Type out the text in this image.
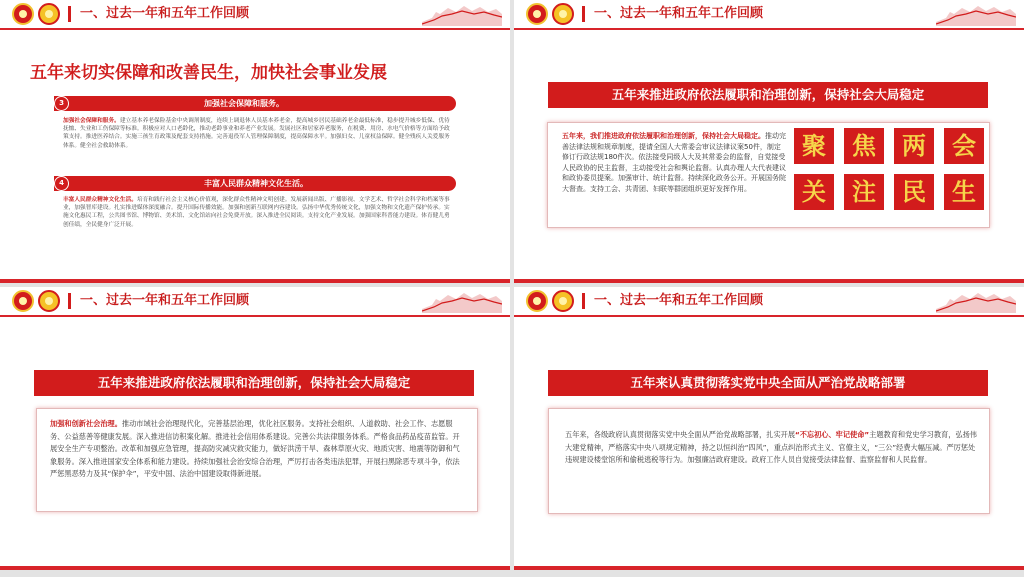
一、过去一年和五年工作回顾
五年来切实保障和改善民生，加快社会事业发展
加强社会保障和服务。
3
加强社会保障和服务。建立基本养老保险基金中央调剂制度，连续上调退休人员基本养老金，提高城乡居民基础养老金最低标准，稳步提升城乡低保、优待抚恤、失业和工伤保障等标准。积极应对人口老龄化，推动老龄事业和养老产业发展。发展社区和居家养老服务，在税费、用房、水电气价格等方面给予政策支持。推进医养结合。实施三孩生育政策及配套支持措施。完善退役军人管理保障制度，提高保障水平。加强妇女、儿童权益保障。健全残疾人关爱服务体系。健全社会救助体系。
丰富人民群众精神文化生活。
4
丰富人民群众精神文化生活。培育和践行社会主义核心价值观，深化群众性精神文明创建。发展新闻出版、广播影视、文学艺术、哲学社会科学和档案等事业，加强智库建设。扎实推进媒体深度融合。提升国际传播效能。加强和创新互联网内容建设。弘扬中华优秀传统文化，加强文物和文化遗产保护传承。实施文化惠民工程，公共图书馆、博物馆、美术馆、文化馆站向社会免费开放。深入推进全民阅读。支持文化产业发展。加强国家科普能力建设。体育健儿勇创佳绩，全民健身广泛开展。
一、过去一年和五年工作回顾
五年来推进政府依法履职和治理创新，保持社会大局稳定
五年来，我们推进政府依法履职和治理创新，保持社会大局稳定。推动完善法律法规和规章制度，提请全国人大常委会审议法律议案50件，制定修订行政法规180件次。依法接受同级人大及其常委会的监督，自觉接受人民政协的民主监督，主动接受社会和舆论监督。认真办理人大代表建议和政协委员提案。加强审计、统计监督。持续深化政务公开。开展国务院大督查。支持工会、共青团、妇联等群团组织更好发挥作用。
聚	焦	两	会
关	注	民	生
一、过去一年和五年工作回顾
五年来推进政府依法履职和治理创新，保持社会大局稳定
加强和创新社会治理。推动市域社会治理现代化，完善基层治理，优化社区服务。支持社会组织、人道救助、社会工作、志愿服务、公益慈善等健康发展。深入推进信访积案化解。推进社会信用体系建设。完善公共法律服务体系。严格食品药品疫苗监管。开展安全生产专项整治。改革和加强应急管理，提高防灾减灾救灾能力，做好洪涝干旱、森林草原火灾、地质灾害、地震等防御和气象服务。深入推进国家安全体系和能力建设。持续加强社会治安综合治理，严厉打击各类违法犯罪，开展扫黑除恶专项斗争，依法严惩黑恶势力及其“保护伞”，平安中国、法治中国建设取得新进展。
一、过去一年和五年工作回顾
五年来认真贯彻落实党中央全面从严治党战略部署
五年来，各级政府认真贯彻落实党中央全面从严治党战略部署，扎实开展“不忘初心、牢记使命”主题教育和党史学习教育，弘扬伟大建党精神，严格落实中央八项规定精神，持之以恒纠治“四风”，重点纠治形式主义、官僚主义，“三公”经费大幅压减。严厉惩处违规建设楼堂馆所和偷税逃税等行为。加强廉洁政府建设。政府工作人员自觉接受法律监督、监察监督和人民监督。
